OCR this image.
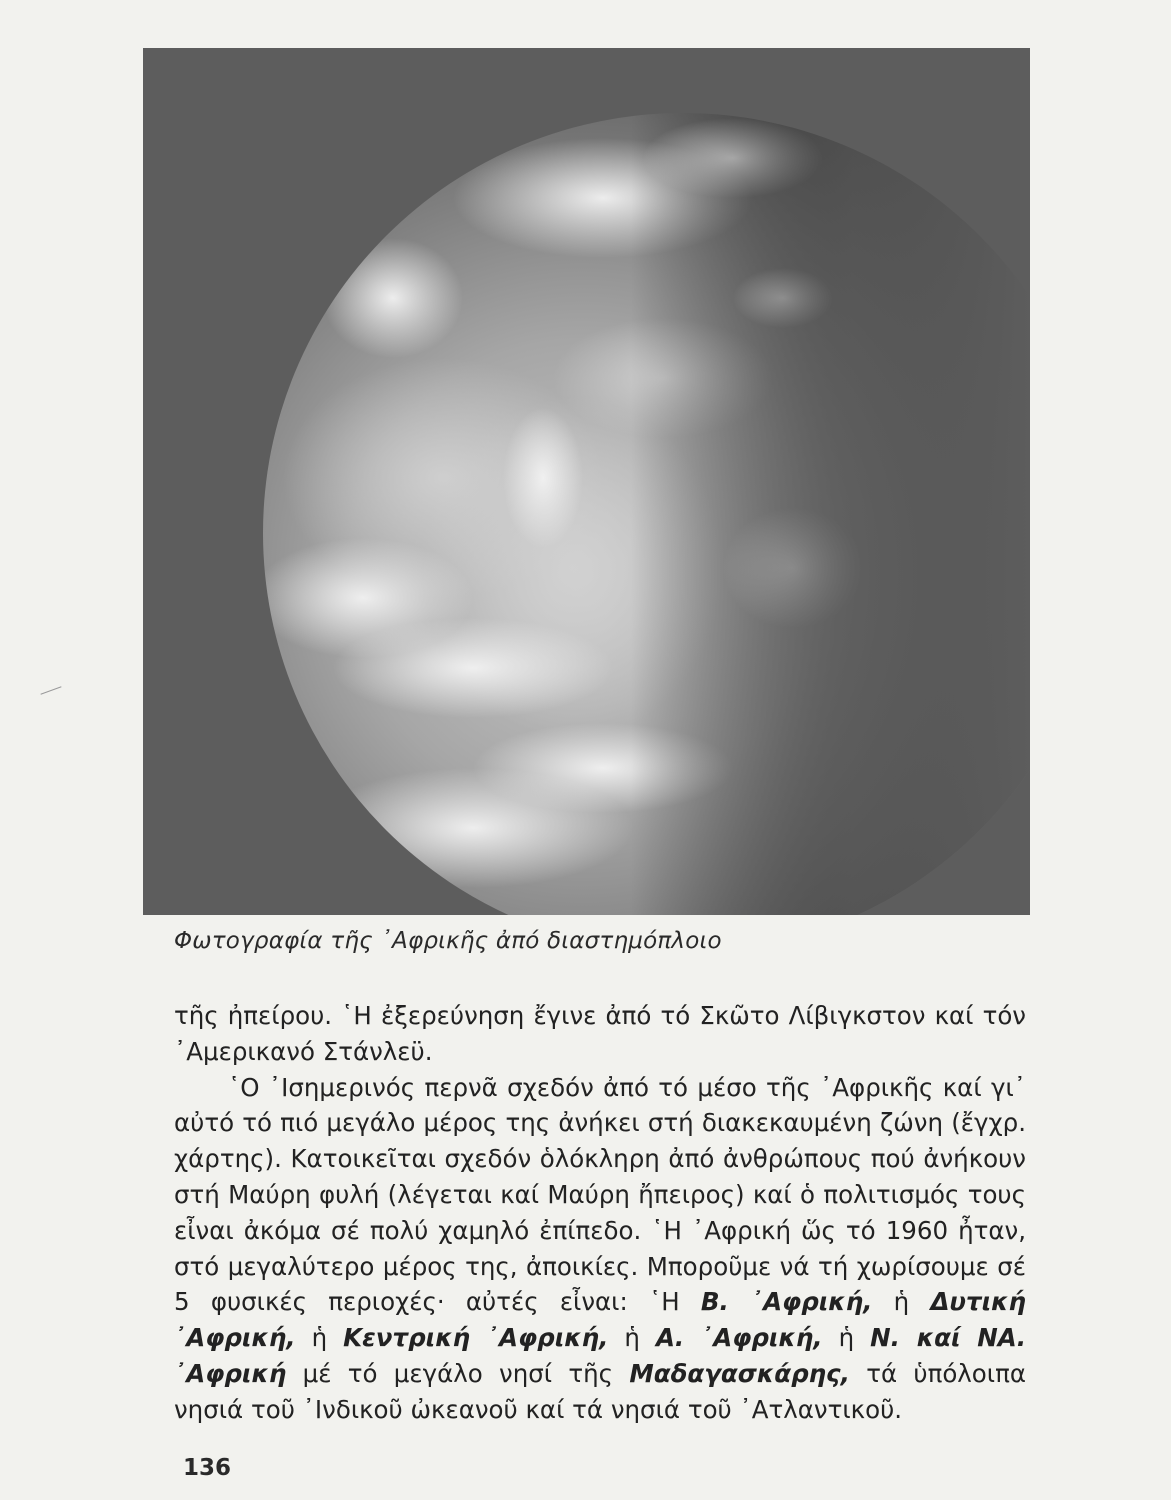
Φωτογραφία τῆς ᾿Αφρικῆς ἀπό διαστημόπλοιο

τῆς ἠπείρου. ῾Η ἐξερεύνηση ἔγινε ἀπό τό Σκῶτο Λίβιγκστον καί τόν ᾿Αμερικανό Στάνλεϋ.

῾Ο ᾿Ισημερινός περνᾶ σχεδόν ἀπό τό μέσο τῆς ᾿Αφρικῆς καί γι᾿ αὐτό τό πιό μεγάλο μέρος της ἀνήκει στή διακεκαυμένη ζώνη (ἔγχρ. χάρτης). Κατοικεῖται σχεδόν ὁλόκληρη ἀπό ἀνθρώπους πού ἀνήκουν στή Μαύρη φυλή (λέγεται καί Μαύρη ἤπειρος) καί ὁ πολιτισμός τους εἶναι ἀκόμα σέ πολύ χαμηλό ἐπίπεδο. ῾Η ᾿Αφρική ὥς τό 1960 ἦταν, στό μεγαλύτερο μέρος της, ἀποικίες. Μποροῦμε νά τή χωρίσουμε σέ 5 φυσικές περιοχές· αὐτές εἶναι: ῾Η Β. ᾿Αφρική, ἡ Δυτική ᾿Αφρική, ἡ Κεντρική ᾿Αφρική, ἡ Α. ᾿Αφρική, ἡ Ν. καί ΝΑ. ᾿Αφρική μέ τό μεγάλο νησί τῆς Μαδαγασκάρης, τά ὑπόλοιπα νησιά τοῦ ᾿Ινδικοῦ ὠκεανοῦ καί τά νησιά τοῦ ᾿Ατλαντικοῦ.

136
